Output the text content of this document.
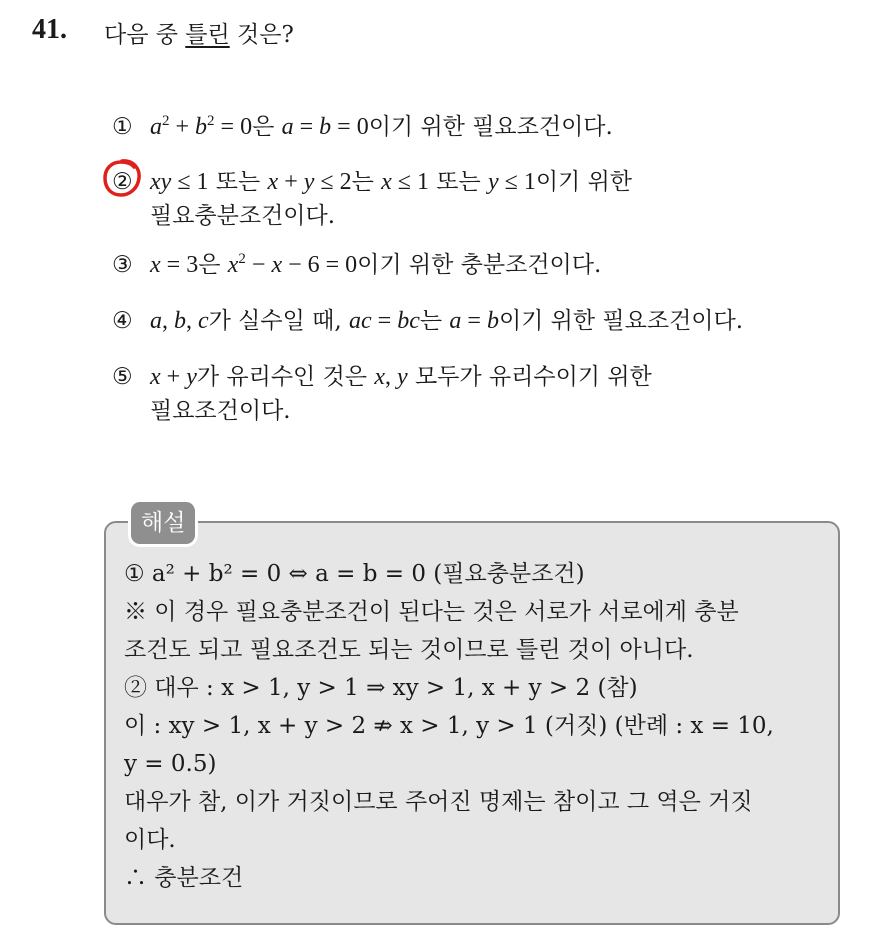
41. 다음 중 틀린 것은?
① $a^2 + b^2 = 0$은 a = b = 0이기 위한 필요조건이다.
② xy ≤ 1 또는 x + y ≤ 2는 x ≤ 1 또는 y ≤ 1이기 위한
필요충분조건이다.
③ x = 3은 $x^2 - x - 6 = 0$이기 위한 충분조건이다.
④ a, b, c가 실수일 때, ac = bc는 a = b이기 위한 필요조건이다.
⑤ x + y가 유리수인 것은 x, y 모두가 유리수이기 위한
필요조건이다.
해설
① a² + b² = 0 ⇔ a = b = 0 (필요충분조건)
※ 이 경우 필요충분조건이 된다는 것은 서로가 서로에게 충분
조건도 되고 필요조건도 되는 것이므로 틀린 것이 아니다.
② 대우 : x > 1, y > 1 ⇒ xy > 1, x + y > 2 (참)
이 : xy > 1, x + y > 2 ⇏ x > 1, y > 1 (거짓) (반례 : x = 10,
y = 0.5)
대우가 참, 이가 거짓이므로 주어진 명제는 참이고 그 역은 거짓
이다.
∴ 충분조건
